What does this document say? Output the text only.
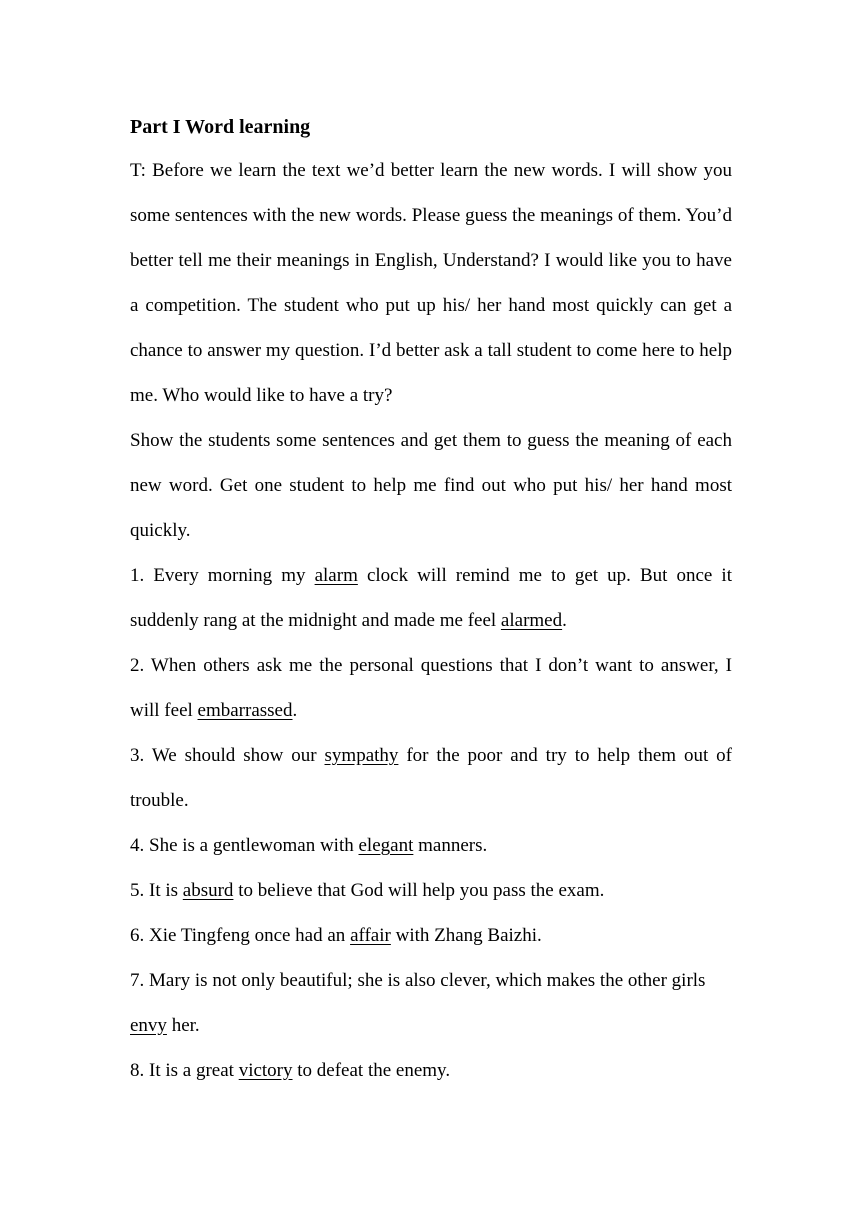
Part I Word learning

T: Before we learn the text we’d better learn the new words. I will show you some sentences with the new words. Please guess the meanings of them. You’d better tell me their meanings in English, Understand? I would like you to have a competition. The student who put up his/ her hand most quickly can get a chance to answer my question. I’d better ask a tall student to come here to help me. Who would like to have a try?

Show the students some sentences and get them to guess the meaning of each new word. Get one student to help me find out who put his/ her hand most quickly.

1. Every morning my alarm clock will remind me to get up. But once it suddenly rang at the midnight and made me feel alarmed.

2. When others ask me the personal questions that I don’t want to answer, I will feel embarrassed.

3. We should show our sympathy for the poor and try to help them out of trouble.

4. She is a gentlewoman with elegant manners.

5. It is absurd to believe that God will help you pass the exam.

6. Xie Tingfeng once had an affair with Zhang Baizhi.

7. Mary is not only beautiful; she is also clever, which makes the other girls envy her.

8. It is a great victory to defeat the enemy.
